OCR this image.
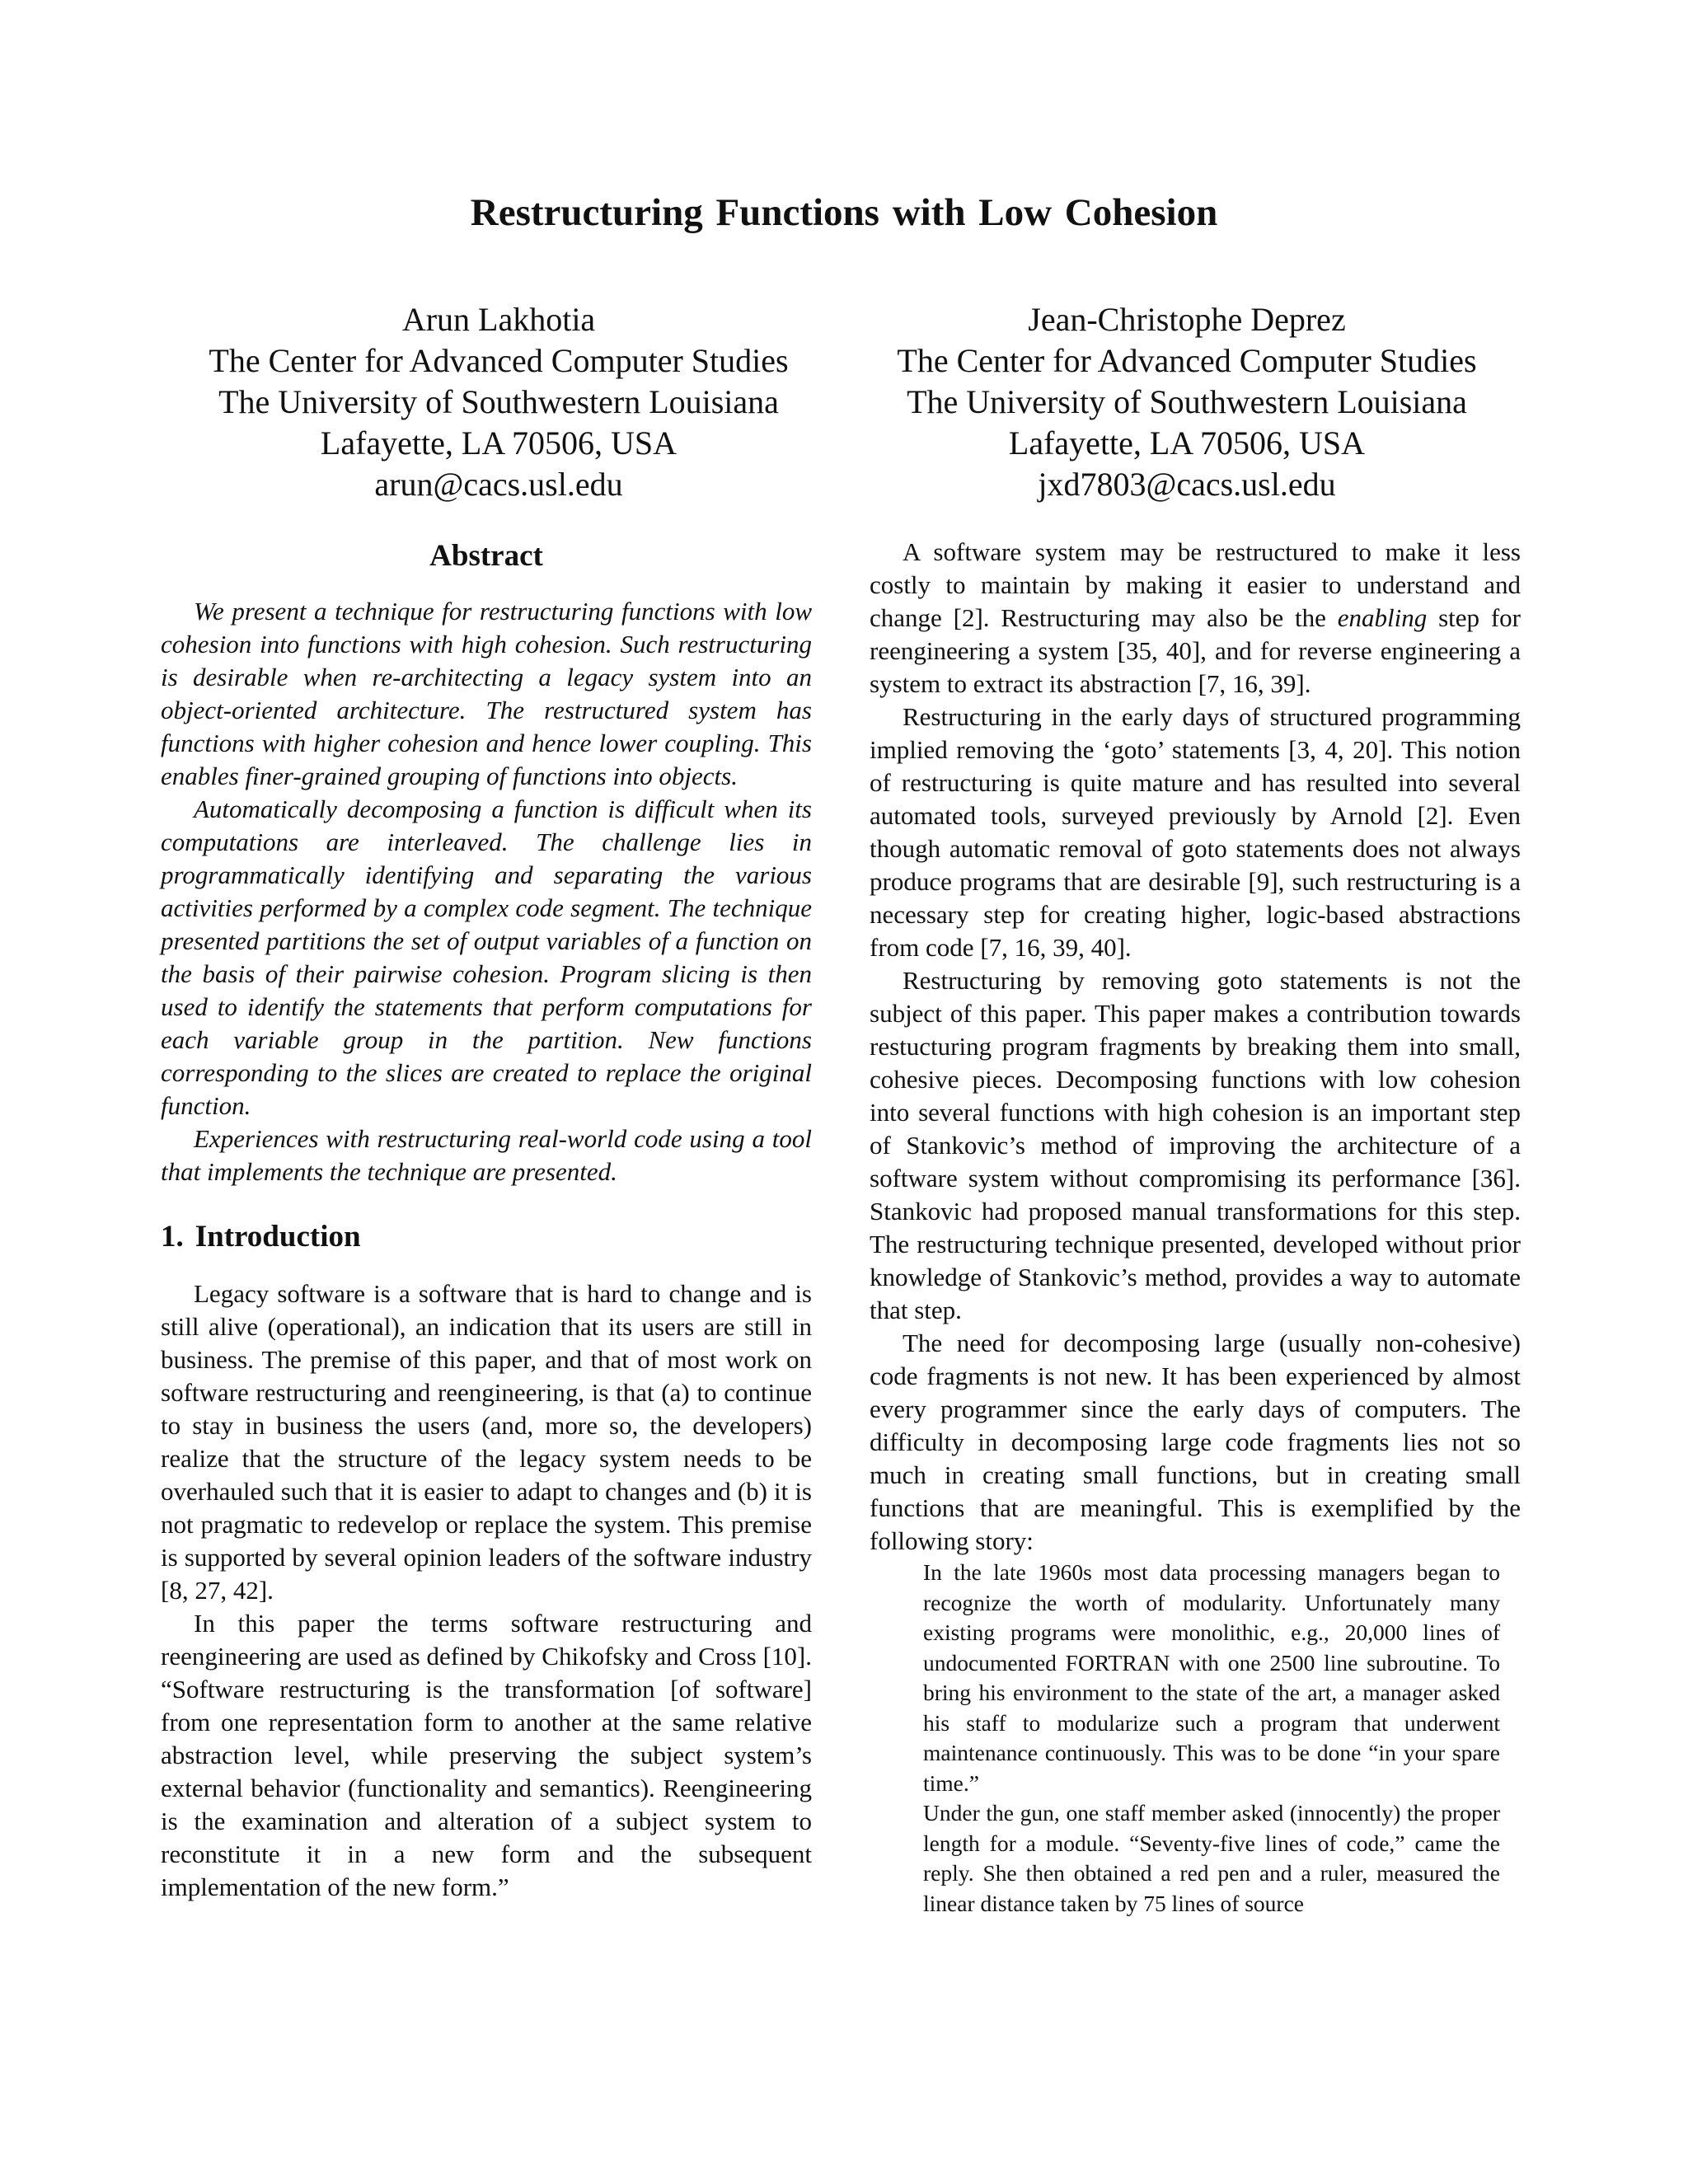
Restructuring Functions with Low Cohesion
Arun Lakhotia
The Center for Advanced Computer Studies
The University of Southwestern Louisiana
Lafayette, LA 70506, USA
arun@cacs.usl.edu
Jean-Christophe Deprez
The Center for Advanced Computer Studies
The University of Southwestern Louisiana
Lafayette, LA 70506, USA
jxd7803@cacs.usl.edu
Abstract

We present a technique for restructuring functions with low cohesion into functions with high cohesion. Such restructuring is desirable when re-architecting a legacy system into an object-oriented architecture. The restructured system has functions with higher cohesion and hence lower coupling. This enables finer-grained grouping of functions into objects.

Automatically decomposing a function is difficult when its computations are interleaved. The challenge lies in programmatically identifying and separating the various activities performed by a complex code segment. The technique presented partitions the set of output variables of a function on the basis of their pairwise cohesion. Program slicing is then used to identify the statements that perform computations for each variable group in the partition. New functions corresponding to the slices are created to replace the original function.

Experiences with restructuring real-world code using a tool that implements the technique are presented.

1. Introduction

Legacy software is a software that is hard to change and is still alive (operational), an indication that its users are still in business. The premise of this paper, and that of most work on software restructuring and reengineering, is that (a) to continue to stay in business the users (and, more so, the developers) realize that the structure of the legacy system needs to be overhauled such that it is easier to adapt to changes and (b) it is not pragmatic to redevelop or replace the system. This premise is supported by several opinion leaders of the software industry [8, 27, 42].

In this paper the terms software restructuring and reengineering are used as defined by Chikofsky and Cross [10]. “Software restructuring is the transformation [of software] from one representation form to another at the same relative abstraction level, while preserving the subject system’s external behavior (functionality and semantics). Reengineering is the examination and alteration of a subject system to reconstitute it in a new form and the subsequent implementation of the new form.”

A software system may be restructured to make it less costly to maintain by making it easier to understand and change [2]. Restructuring may also be the enabling step for reengineering a system [35, 40], and for reverse engineering a system to extract its abstraction [7, 16, 39].

Restructuring in the early days of structured programming implied removing the ‘goto’ statements [3, 4, 20]. This notion of restructuring is quite mature and has resulted into several automated tools, surveyed previously by Arnold [2]. Even though automatic removal of goto statements does not always produce programs that are desirable [9], such restructuring is a necessary step for creating higher, logic-based abstractions from code [7, 16, 39, 40].

Restructuring by removing goto statements is not the subject of this paper. This paper makes a contribution towards restucturing program fragments by breaking them into small, cohesive pieces. Decomposing functions with low cohesion into several functions with high cohesion is an important step of Stankovic’s method of improving the architecture of a software system without compromising its performance [36]. Stankovic had proposed manual transformations for this step. The restructuring technique presented, developed without prior knowledge of Stankovic’s method, provides a way to automate that step.

The need for decomposing large (usually non-cohesive) code fragments is not new. It has been experienced by almost every programmer since the early days of computers. The difficulty in decomposing large code fragments lies not so much in creating small functions, but in creating small functions that are meaningful. This is exemplified by the following story:

In the late 1960s most data processing managers began to recognize the worth of modularity. Unfortunately many existing programs were monolithic, e.g., 20,000 lines of undocumented FORTRAN with one 2500 line subroutine. To bring his environment to the state of the art, a manager asked his staff to modularize such a program that underwent maintenance continuously. This was to be done “in your spare time.”

Under the gun, one staff member asked (innocently) the proper length for a module. “Seventy-five lines of code,” came the reply. She then obtained a red pen and a ruler, measured the linear distance taken by 75 lines of source
